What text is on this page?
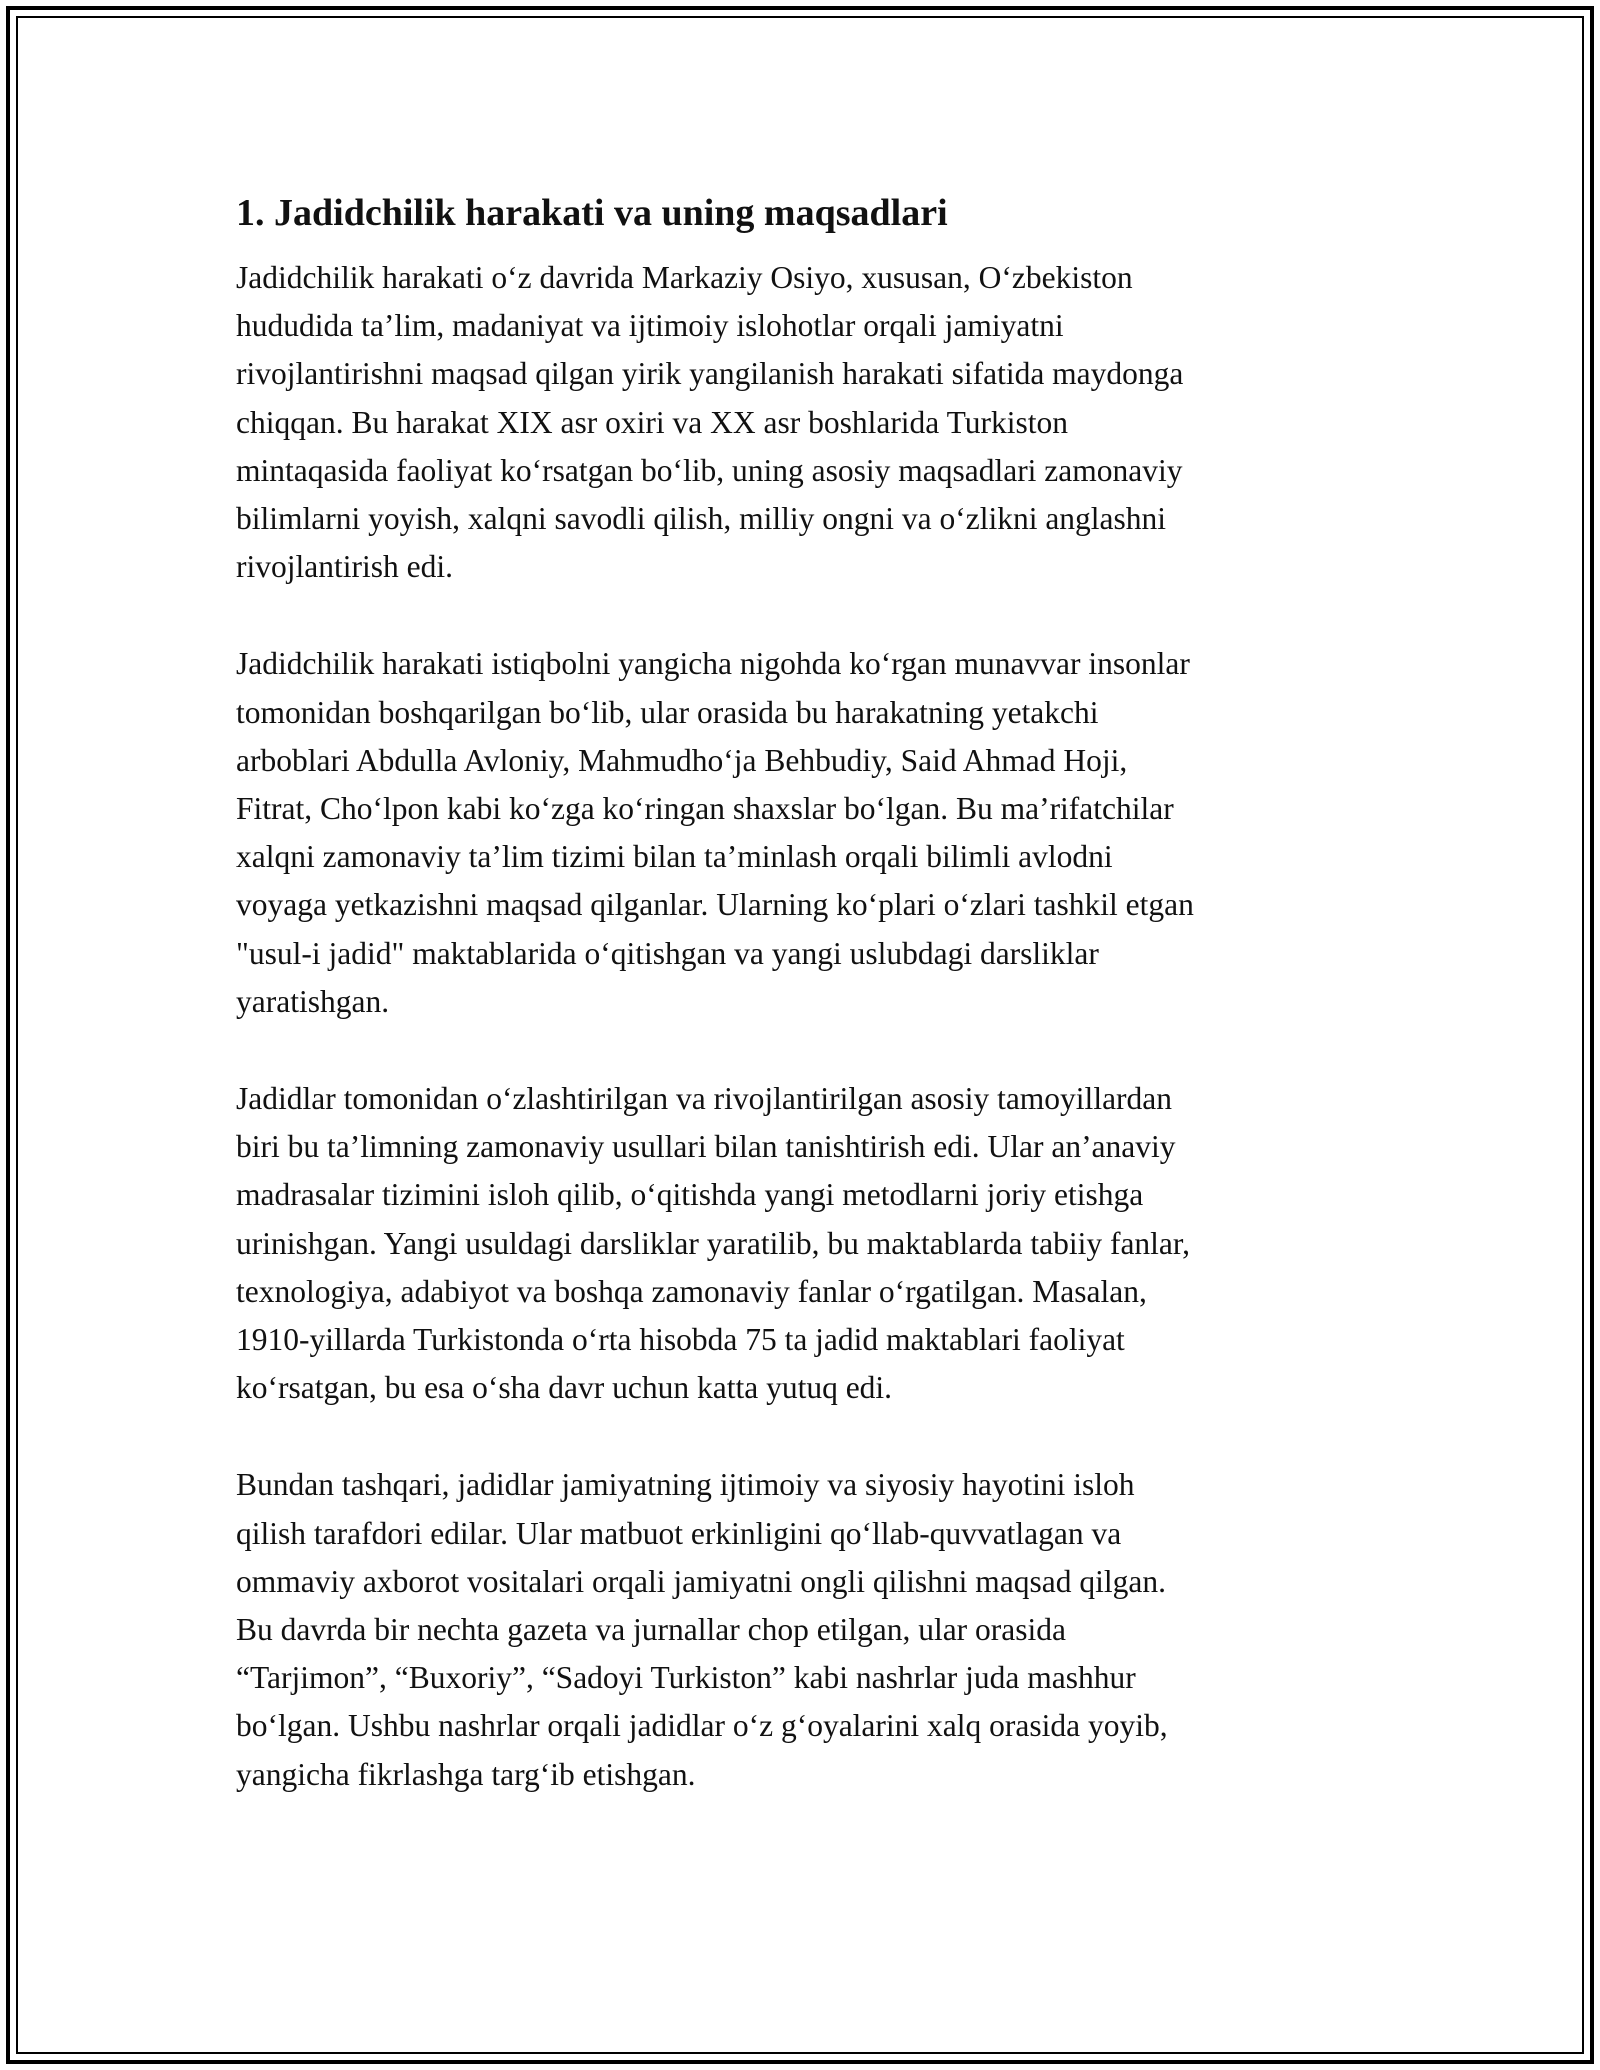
1. Jadidchilik harakati va uning maqsadlari
Jadidchilik harakati o‘z davrida Markaziy Osiyo, xususan, O‘zbekiston
hududida ta’lim, madaniyat va ijtimoiy islohotlar orqali jamiyatni
rivojlantirishni maqsad qilgan yirik yangilanish harakati sifatida maydonga
chiqqan. Bu harakat XIX asr oxiri va XX asr boshlarida Turkiston
mintaqasida faoliyat ko‘rsatgan bo‘lib, uning asosiy maqsadlari zamonaviy
bilimlarni yoyish, xalqni savodli qilish, milliy ongni va o‘zlikni anglashni
rivojlantirish edi.
Jadidchilik harakati istiqbolni yangicha nigohda ko‘rgan munavvar insonlar
tomonidan boshqarilgan bo‘lib, ular orasida bu harakatning yetakchi
arboblari Abdulla Avloniy, Mahmudho‘ja Behbudiy, Said Ahmad Hoji,
Fitrat, Cho‘lpon kabi ko‘zga ko‘ringan shaxslar bo‘lgan. Bu ma’rifatchilar
xalqni zamonaviy ta’lim tizimi bilan ta’minlash orqali bilimli avlodni
voyaga yetkazishni maqsad qilganlar. Ularning ko‘plari o‘zlari tashkil etgan
"usul-i jadid" maktablarida o‘qitishgan va yangi uslubdagi darsliklar
yaratishgan.
Jadidlar tomonidan o‘zlashtirilgan va rivojlantirilgan asosiy tamoyillardan
biri bu ta’limning zamonaviy usullari bilan tanishtirish edi. Ular an’anaviy
madrasalar tizimini isloh qilib, o‘qitishda yangi metodlarni joriy etishga
urinishgan. Yangi usuldagi darsliklar yaratilib, bu maktablarda tabiiy fanlar,
texnologiya, adabiyot va boshqa zamonaviy fanlar o‘rgatilgan. Masalan,
1910-yillarda Turkistonda o‘rta hisobda 75 ta jadid maktablari faoliyat
ko‘rsatgan, bu esa o‘sha davr uchun katta yutuq edi.
Bundan tashqari, jadidlar jamiyatning ijtimoiy va siyosiy hayotini isloh
qilish tarafdori edilar. Ular matbuot erkinligini qo‘llab-quvvatlagan va
ommaviy axborot vositalari orqali jamiyatni ongli qilishni maqsad qilgan.
Bu davrda bir nechta gazeta va jurnallar chop etilgan, ular orasida
“Tarjimon”, “Buxoriy”, “Sadoyi Turkiston” kabi nashrlar juda mashhur
bo‘lgan. Ushbu nashrlar orqali jadidlar o‘z g‘oyalarini xalq orasida yoyib,
yangicha fikrlashga targ‘ib etishgan.
